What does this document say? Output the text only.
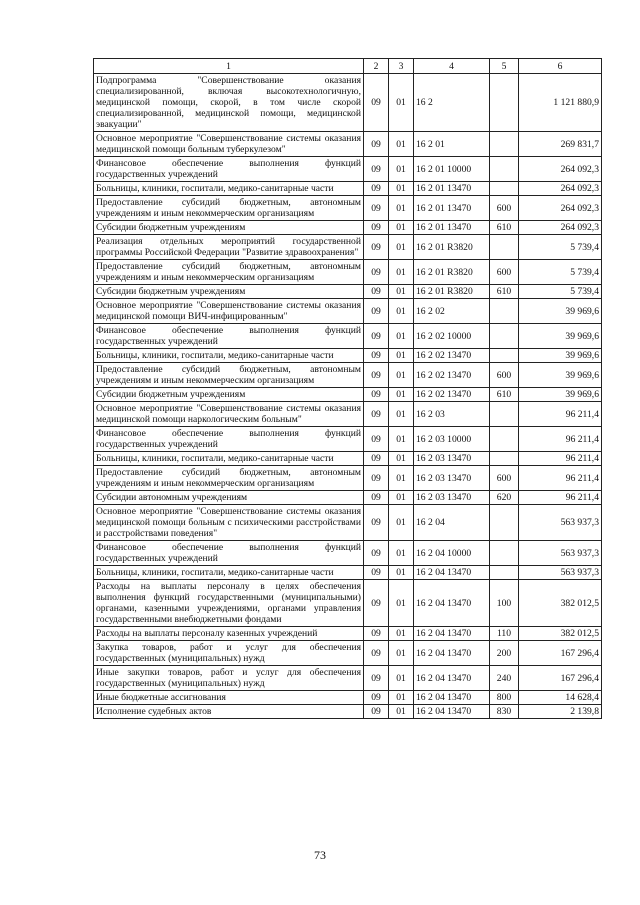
1	2	3	4	5	6
Подпрограмма "Совершенствование оказания специализированной, включая высокотехнологичную, медицинской помощи, скорой, в том числе скорой специализированной, медицинской помощи, медицинской эвакуации"	09	01	16 2		1 121 880,9
Основное мероприятие "Совершенствование системы оказания медицинской помощи больным туберкулезом"	09	01	16 2 01		269 831,7
Финансовое обеспечение выполнения функций государственных учреждений	09	01	16 2 01 10000		264 092,3
Больницы, клиники, госпитали, медико-санитарные части	09	01	16 2 01 13470		264 092,3
Предоставление субсидий бюджетным, автономным учреждениям и иным некоммерческим организациям	09	01	16 2 01 13470	600	264 092,3
Субсидии бюджетным учреждениям	09	01	16 2 01 13470	610	264 092,3
Реализация отдельных мероприятий государственной программы Российской Федерации "Развитие здравоохранения"	09	01	16 2 01 R3820		5 739,4
Предоставление субсидий бюджетным, автономным учреждениям и иным некоммерческим организациям	09	01	16 2 01 R3820	600	5 739,4
Субсидии бюджетным учреждениям	09	01	16 2 01 R3820	610	5 739,4
Основное мероприятие "Совершенствование системы оказания медицинской помощи ВИЧ-инфицированным"	09	01	16 2 02		39 969,6
Финансовое обеспечение выполнения функций государственных учреждений	09	01	16 2 02 10000		39 969,6
Больницы, клиники, госпитали, медико-санитарные части	09	01	16 2 02 13470		39 969,6
Предоставление субсидий бюджетным, автономным учреждениям и иным некоммерческим организациям	09	01	16 2 02 13470	600	39 969,6
Субсидии бюджетным учреждениям	09	01	16 2 02 13470	610	39 969,6
Основное мероприятие "Совершенствование системы оказания медицинской помощи наркологическим больным"	09	01	16 2 03		96 211,4
Финансовое обеспечение выполнения функций государственных учреждений	09	01	16 2 03 10000		96 211,4
Больницы, клиники, госпитали, медико-санитарные части	09	01	16 2 03 13470		96 211,4
Предоставление субсидий бюджетным, автономным учреждениям и иным некоммерческим организациям	09	01	16 2 03 13470	600	96 211,4
Субсидии автономным учреждениям	09	01	16 2 03 13470	620	96 211,4
Основное мероприятие "Совершенствование системы оказания медицинской помощи больным с психическими расстройствами и расстройствами поведения"	09	01	16 2 04		563 937,3
Финансовое обеспечение выполнения функций государственных учреждений	09	01	16 2 04 10000		563 937,3
Больницы, клиники, госпитали, медико-санитарные части	09	01	16 2 04 13470		563 937,3
Расходы на выплаты персоналу в целях обеспечения выполнения функций государственными (муниципальными) органами, казенными учреждениями, органами управления государственными внебюджетными фондами	09	01	16 2 04 13470	100	382 012,5
Расходы на выплаты персоналу казенных учреждений	09	01	16 2 04 13470	110	382 012,5
Закупка товаров, работ и услуг для обеспечения государственных (муниципальных) нужд	09	01	16 2 04 13470	200	167 296,4
Иные закупки товаров, работ и услуг для обеспечения государственных (муниципальных) нужд	09	01	16 2 04 13470	240	167 296,4
Иные бюджетные ассигнования	09	01	16 2 04 13470	800	14 628,4
Исполнение судебных актов	09	01	16 2 04 13470	830	2 139,8
73
